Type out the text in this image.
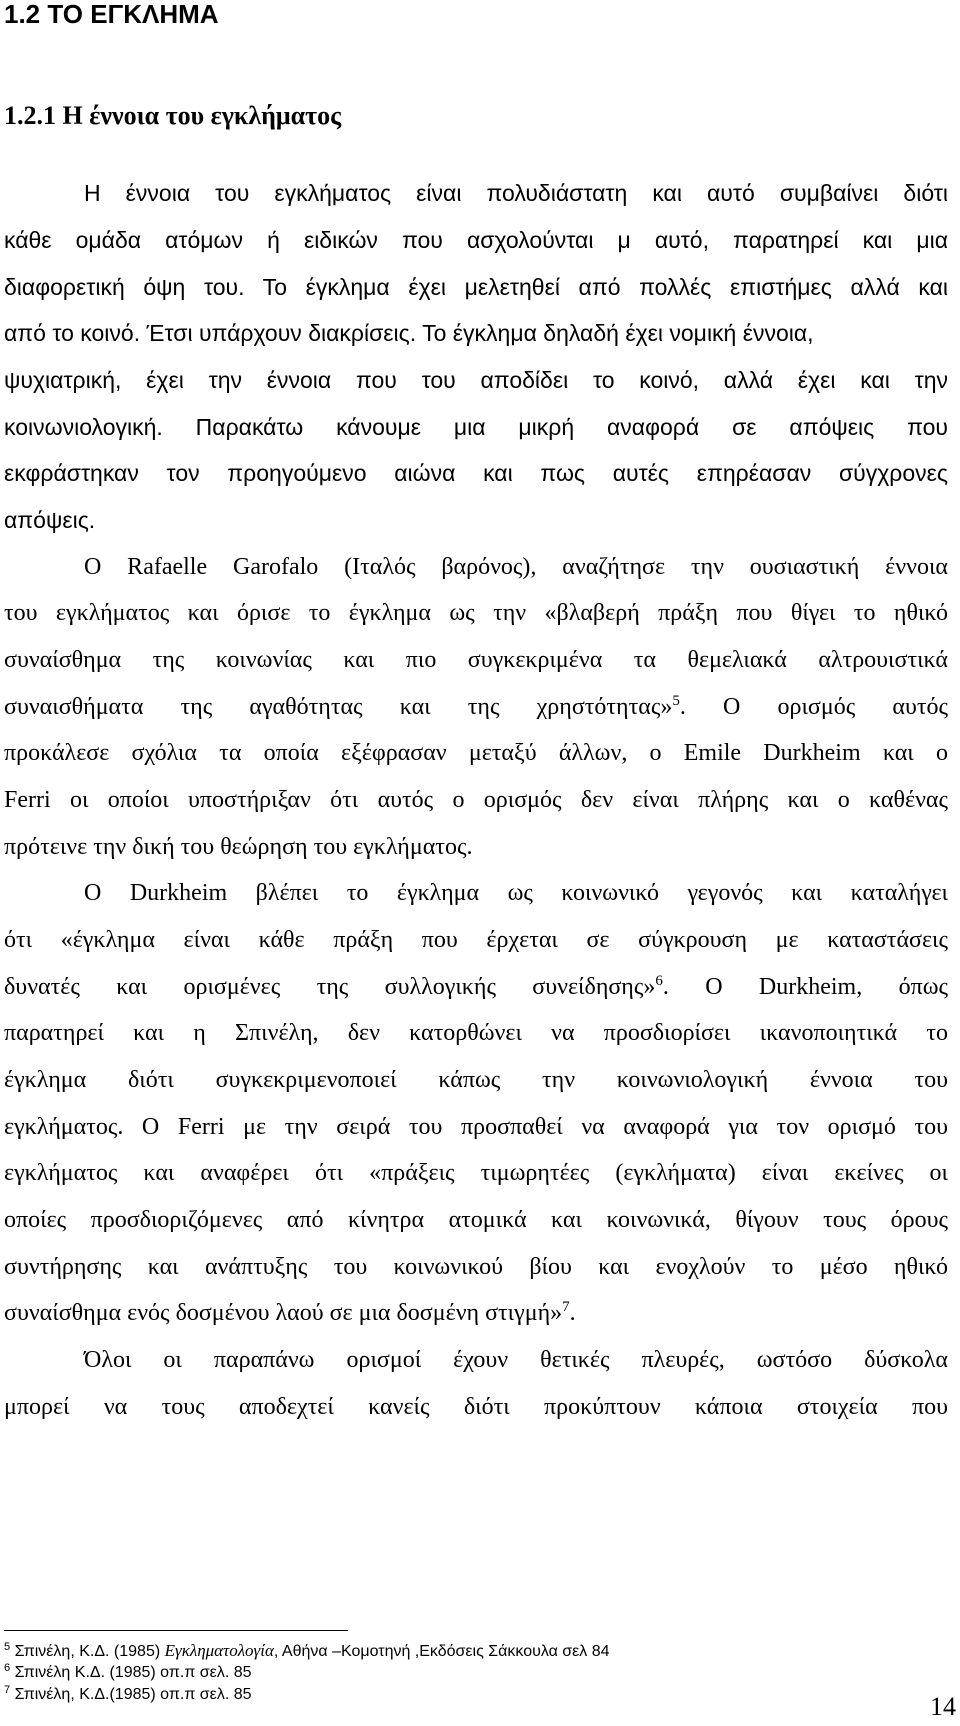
1.2 ΤΟ ΕΓΚΛΗΜΑ
1.2.1 Η έννοια του εγκλήματος

Η έννοια του εγκλήματος είναι πολυδιάστατη και αυτό συμβαίνει διότι

κάθε ομάδα ατόμων ή ειδικών που ασχολούνται μ αυτό, παρατηρεί και μια

διαφορετική όψη του. Το έγκλημα έχει μελετηθεί από πολλές επιστήμες αλλά και

από το κοινό. Έτσι υπάρχουν διακρίσεις. Το έγκλημα δηλαδή έχει νομική έννοια,

ψυχιατρική, έχει την έννοια που του αποδίδει το κοινό, αλλά έχει και την

κοινωνιολογική. Παρακάτω κάνουμε μια μικρή αναφορά σε απόψεις που

εκφράστηκαν τον προηγούμενο αιώνα και πως αυτές επηρέασαν σύγχρονες

απόψεις.

Ο Rafaelle Garofalo (Ιταλός βαρόνος), αναζήτησε την ουσιαστική έννοια

του εγκλήματος και όρισε το έγκλημα ως την «βλαβερή πράξη που θίγει το ηθικό

συναίσθημα της κοινωνίας και πιο συγκεκριμένα τα θεμελιακά αλτρουιστικά

συναισθήματα της αγαθότητας και της χρηστότητας»$^5$. Ο ορισμός αυτός

προκάλεσε σχόλια τα οποία εξέφρασαν μεταξύ άλλων, ο Emile Durkheim και ο

Ferri οι οποίοι υποστήριξαν ότι αυτός ο ορισμός δεν είναι πλήρης και ο καθένας

πρότεινε την δική του θεώρηση του εγκλήματος.

Ο Durkheim βλέπει το έγκλημα ως κοινωνικό γεγονός και καταλήγει

ότι «έγκλημα είναι κάθε πράξη που έρχεται σε σύγκρουση με καταστάσεις

δυνατές και ορισμένες της συλλογικής συνείδησης»$^6$. Ο Durkheim, όπως

παρατηρεί και η Σπινέλη, δεν κατορθώνει να προσδιορίσει ικανοποιητικά το

έγκλημα διότι συγκεκριμενοποιεί κάπως την κοινωνιολογική έννοια του

εγκλήματος. Ο Ferri με την σειρά του προσπαθεί να αναφορά για τον ορισμό του

εγκλήματος και αναφέρει ότι «πράξεις τιμωρητέες (εγκλήματα) είναι εκείνες οι

οποίες προσδιοριζόμενες από κίνητρα ατομικά και κοινωνικά, θίγουν τους όρους

συντήρησης και ανάπτυξης του κοινωνικού βίου και ενοχλούν το μέσο ηθικό

συναίσθημα ενός δοσμένου λαού σε μια δοσμένη στιγμή»$^7$.

Όλοι οι παραπάνω ορισμοί έχουν θετικές πλευρές, ωστόσο δύσκολα

μπορεί να τους αποδεχτεί κανείς διότι προκύπτουν κάποια στοιχεία που

$^5$ Σπινέλη, Κ.Δ. (1985) Εγκληματολογία, Αθήνα –Κομοτηνή ,Εκδόσεις Σάκκουλα σελ 84

$^6$ Σπινέλη Κ.Δ. (1985) οπ.π σελ. 85

$^7$ Σπινέλη, Κ.Δ.(1985) οπ.π σελ. 85	14
